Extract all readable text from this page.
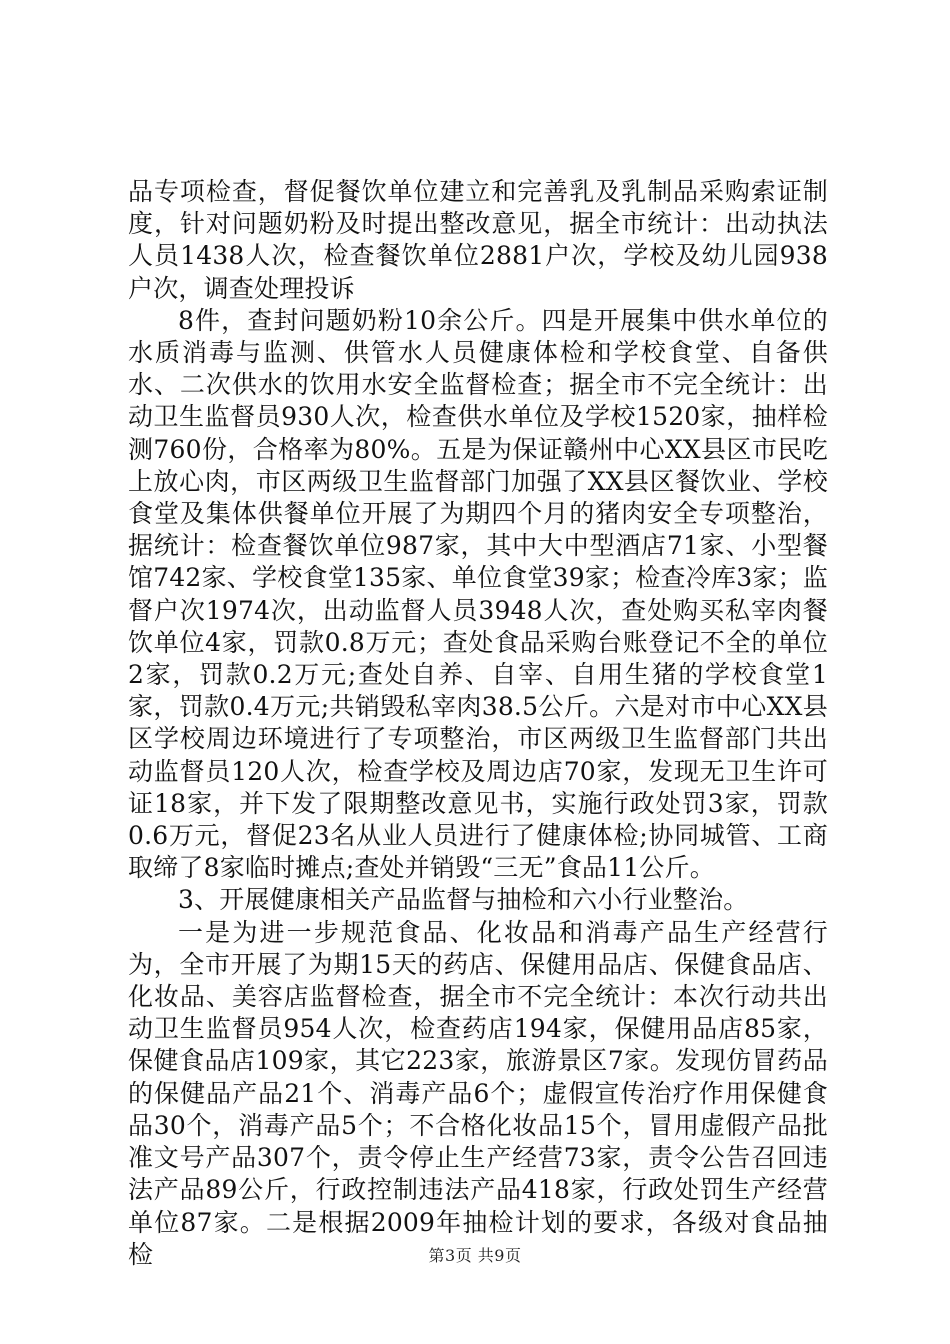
品专项检查，督促餐饮单位建立和完善乳及乳制品采购索证制度，针对问题奶粉及时提出整改意见，据全市统计：出动执法人员1438人次，检查餐饮单位2881户次，学校及幼儿园938户次，调查处理投诉

8件，查封问题奶粉10余公斤。四是开展集中供水单位的水质消毒与监测、供管水人员健康体检和学校食堂、自备供水、二次供水的饮用水安全监督检查；据全市不完全统计：出动卫生监督员930人次，检查供水单位及学校1520家，抽样检测760份，合格率为80%。五是为保证赣州中心XX县区市民吃上放心肉，市区两级卫生监督部门加强了XX县区餐饮业、学校食堂及集体供餐单位开展了为期四个月的猪肉安全专项整治，据统计：检查餐饮单位987家，其中大中型酒店71家、小型餐馆742家、学校食堂135家、单位食堂39家；检查冷库3家；监督户次1974次，出动监督人员3948人次，查处购买私宰肉餐饮单位4家，罚款0.8万元；查处食品采购台账登记不全的单位2家，罚款0.2万元;查处自养、自宰、自用生猪的学校食堂1家，罚款0.4万元;共销毁私宰肉38.5公斤。六是对市中心XX县区学校周边环境进行了专项整治，市区两级卫生监督部门共出动监督员120人次，检查学校及周边店70家，发现无卫生许可证18家，并下发了限期整改意见书，实施行政处罚3家，罚款0.6万元，督促23名从业人员进行了健康体检;协同城管、工商取缔了8家临时摊点;查处并销毁“三无”食品11公斤。

3、开展健康相关产品监督与抽检和六小行业整治。

一是为进一步规范食品、化妆品和消毒产品生产经营行为，全市开展了为期15天的药店、保健用品店、保健食品店、化妆品、美容店监督检查，据全市不完全统计：本次行动共出动卫生监督员954人次，检查药店194家，保健用品店85家，保健食品店109家，其它223家，旅游景区7家。发现仿冒药品的保健品产品21个、消毒产品6个；虚假宣传治疗作用保健食品30个，消毒产品5个；不合格化妆品15个，冒用虚假产品批准文号产品307个，责令停止生产经营73家，责令公告召回违法产品89公斤，行政控制违法产品418家，行政处罚生产经营单位87家。二是根据2009年抽检计划的要求，各级对食品抽检	第3页 共9页
